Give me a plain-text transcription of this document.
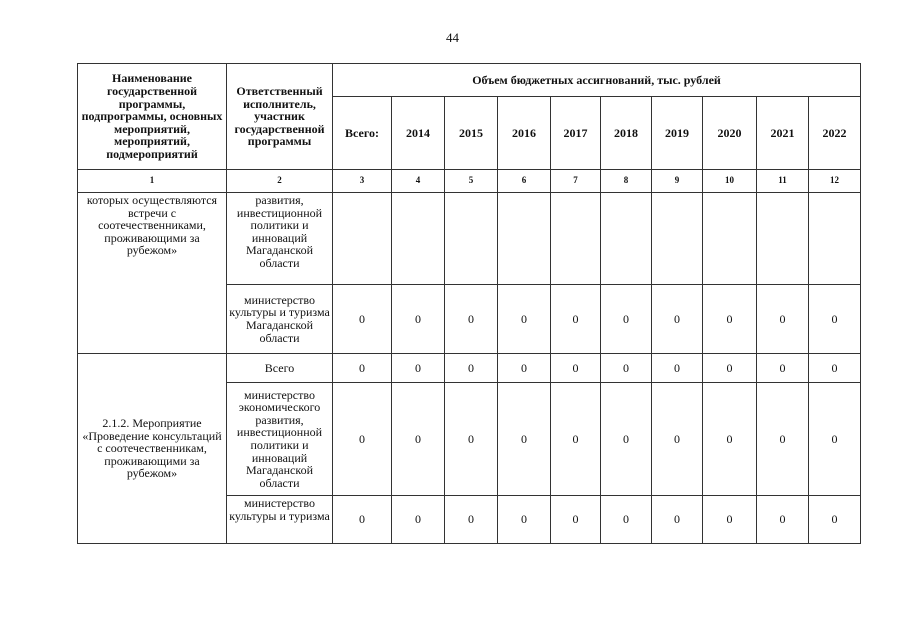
44
Наименование государственной программы, подпрограммы, основных мероприятий, мероприятий, подмероприятий	Ответственный исполнитель, участник государственной программы	Объем бюджетных ассигнований, тыс. рублей									
		Всего:	2014	2015	2016	2017	2018	2019	2020	2021	2022
1	2	3	4	5	6	7	8	9	10	11	12
которых осуществляются встречи с соотечественниками, проживающими за рубежом»	развития, инвестиционной политики и инноваций Магаданской области										
	министерство культуры и туризма Магаданской области	0	0	0	0	0	0	0	0	0	0
2.1.2. Мероприятие «Проведение консультаций с соотечественникам, проживающими за рубежом»	Всего	0	0	0	0	0	0	0	0	0	0
	министерство экономического развития, инвестиционной политики и инноваций Магаданской области	0	0	0	0	0	0	0	0	0	0
	министерство культуры и туризма	0	0	0	0	0	0	0	0	0	0
